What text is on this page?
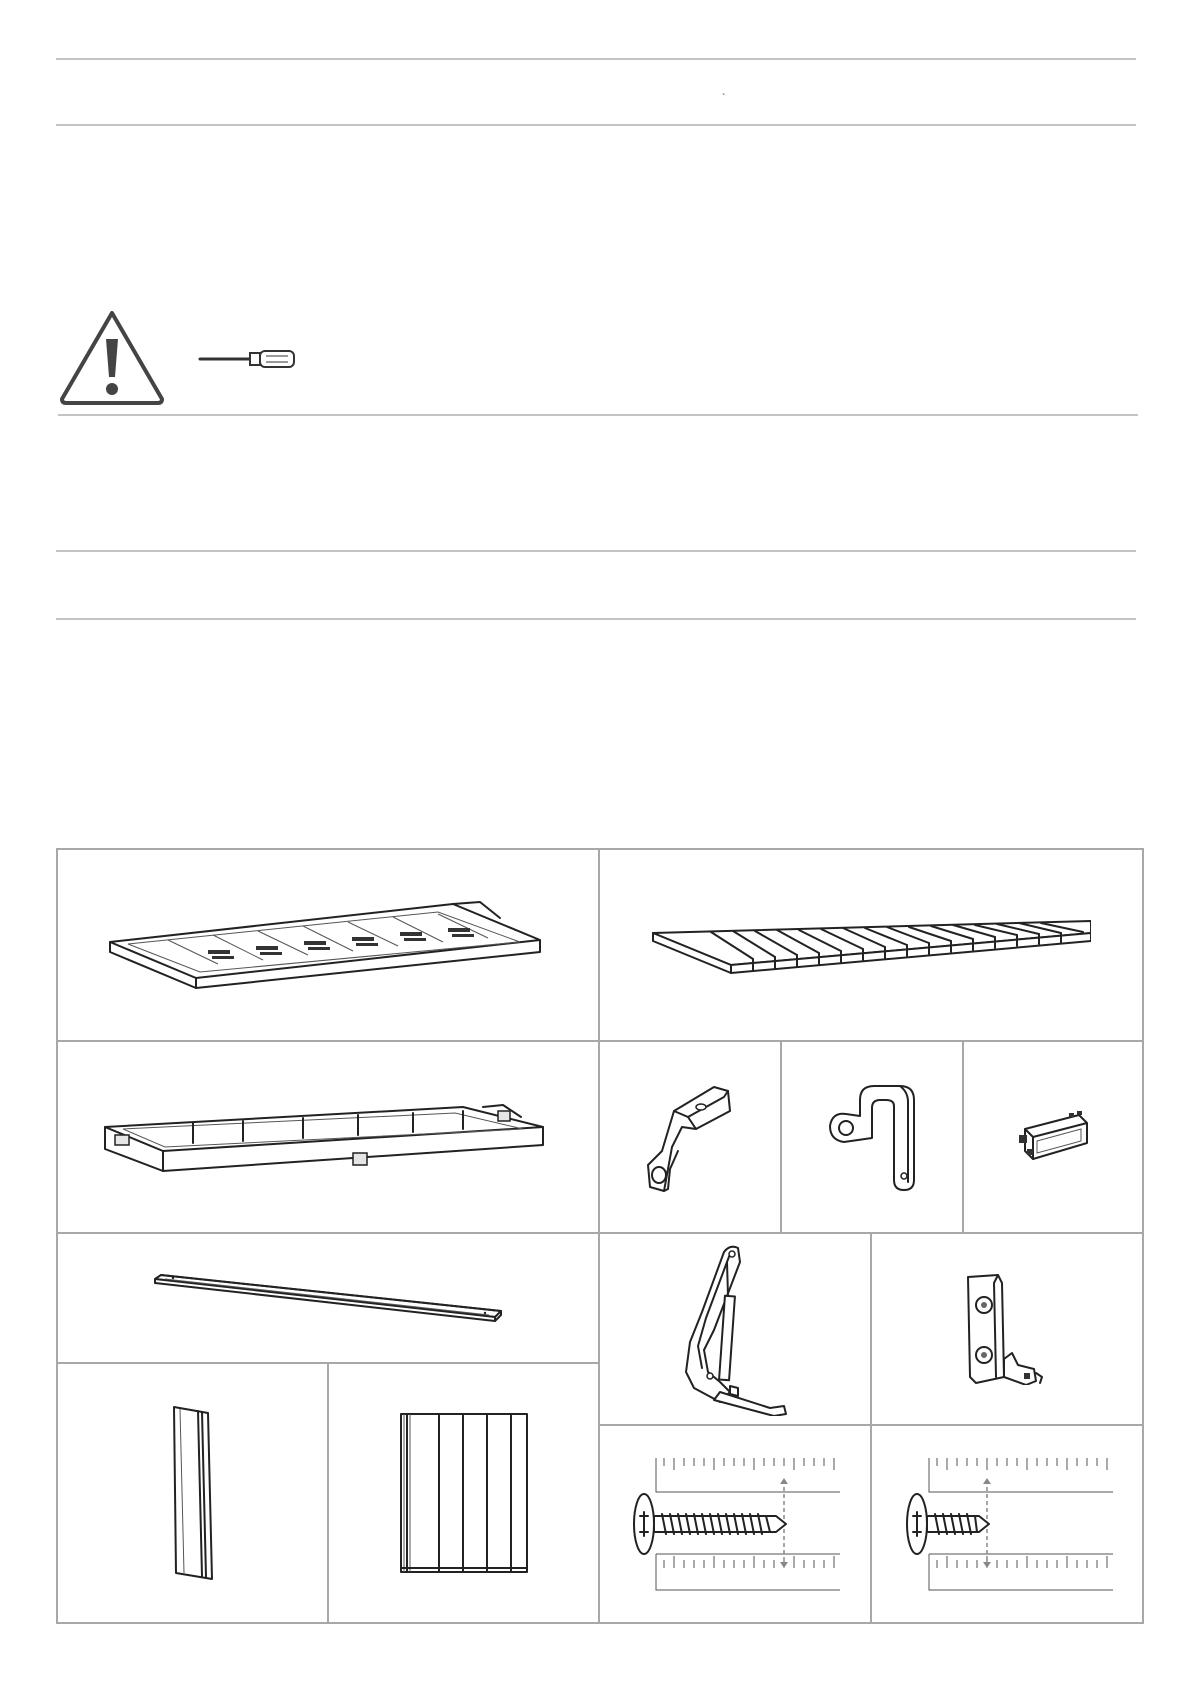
`
